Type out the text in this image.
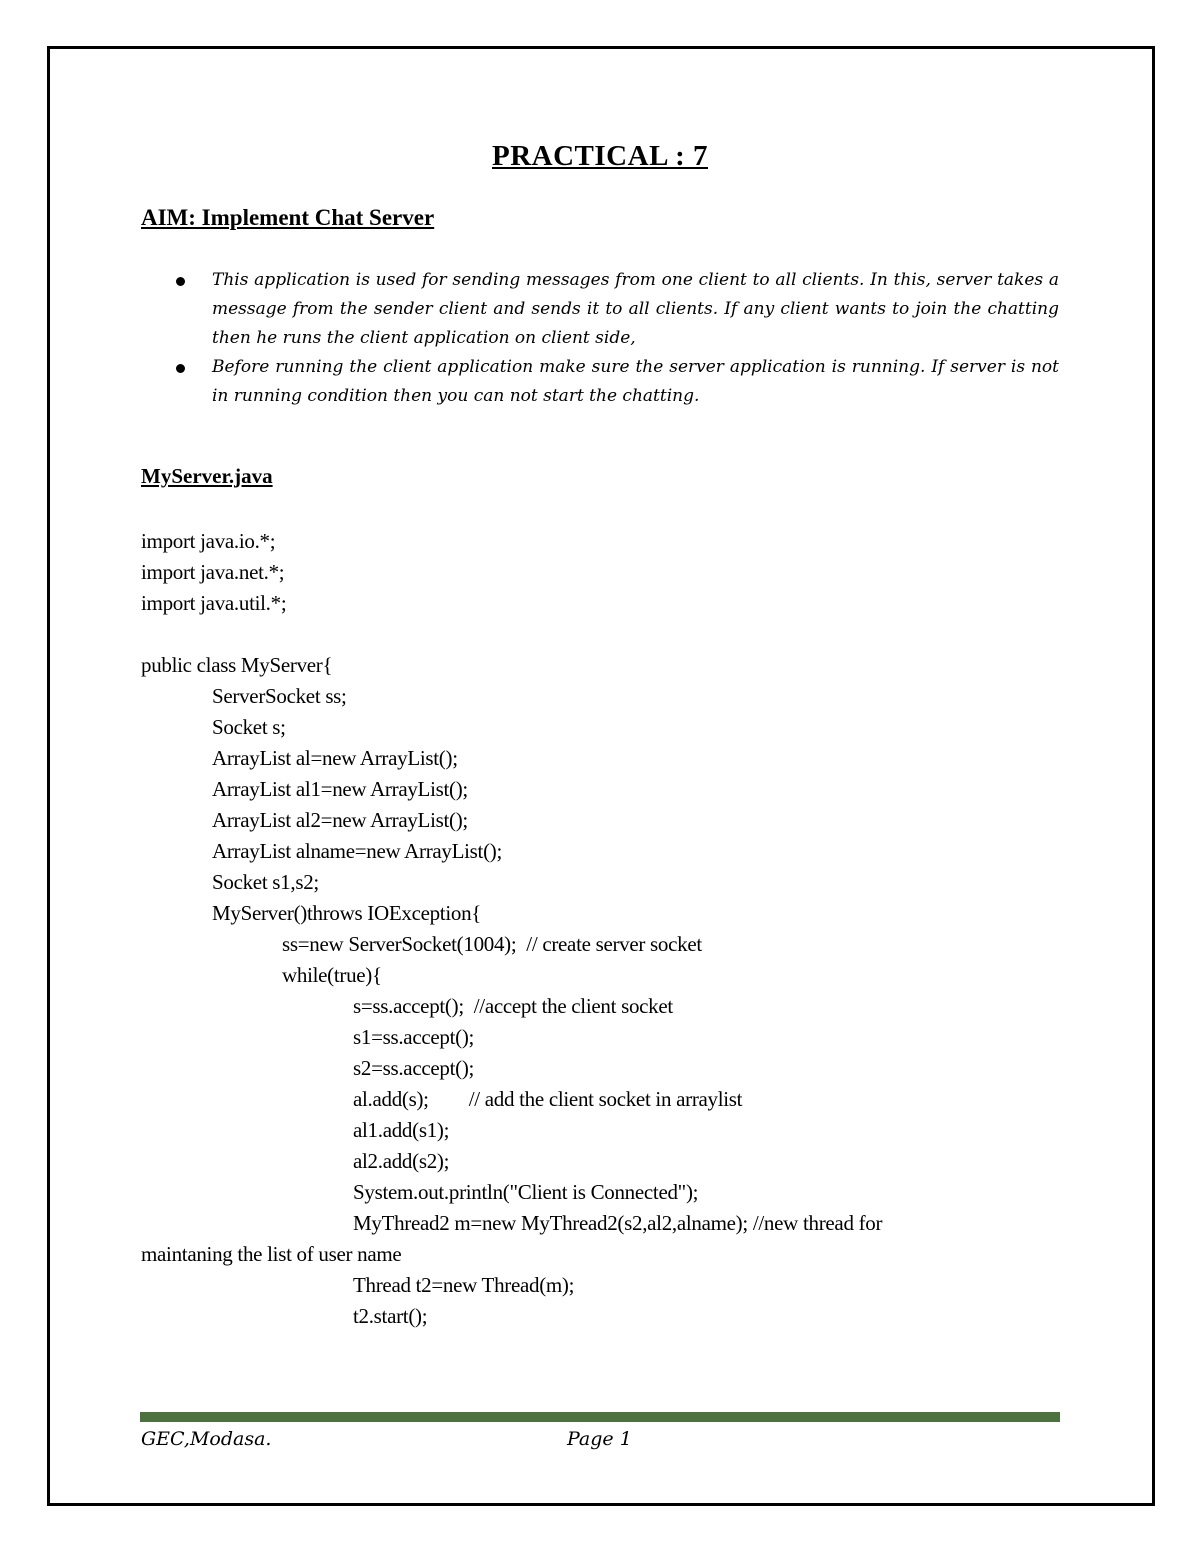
PRACTICAL : 7
AIM: Implement Chat Server
This application is used for sending messages from one client to all clients. In this, server takes a message from the sender client and sends it to all clients. If any client wants to join the chatting then he runs the client application on client side,
Before running the client application make sure the server application is running. If server is not in running condition then you can not start the chatting.
MyServer.java
import java.io.*;
import java.net.*;
import java.util.*;
public class MyServer{
ServerSocket ss;
Socket s;
ArrayList al=new ArrayList();
ArrayList al1=new ArrayList();
ArrayList al2=new ArrayList();
ArrayList alname=new ArrayList();
Socket s1,s2;
MyServer()throws IOException{
ss=new ServerSocket(1004);  // create server socket
while(true){
s=ss.accept();  //accept the client socket
s1=ss.accept();
s2=ss.accept();
al.add(s); // add the client socket in arraylist
al1.add(s1);
al2.add(s2);
System.out.println("Client is Connected");
MyThread2 m=new MyThread2(s2,al2,alname); //new thread for
maintaning the list of user name
Thread t2=new Thread(m);
t2.start();
GEC,Modasa.	Page 1
